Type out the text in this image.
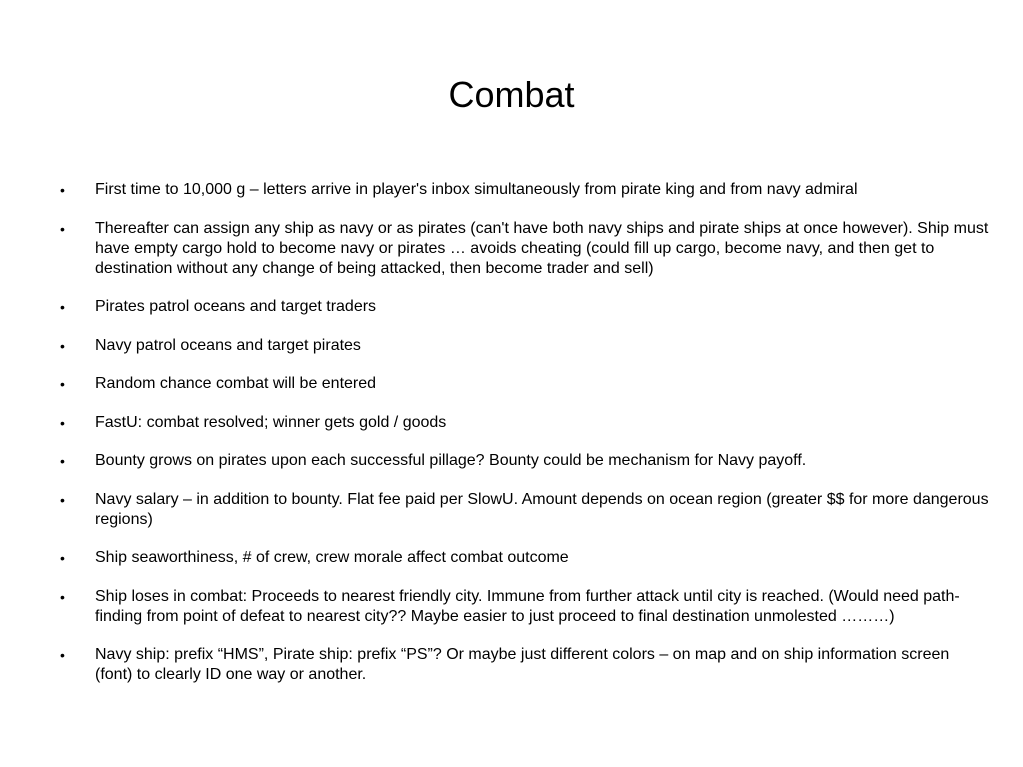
Combat
•	First time to 10,000 g – letters arrive in player's inbox simultaneously from pirate king and from navy admiral
•	Thereafter can assign any ship as navy or as pirates (can't have both navy ships and pirate ships at once however). Ship must have empty cargo hold to become navy or pirates … avoids cheating (could fill up cargo, become navy, and then get to destination without any change of being attacked, then become trader and sell)
•	Pirates patrol oceans and target traders
•	Navy patrol oceans and target pirates
•	Random chance combat will be entered
•	FastU: combat resolved; winner gets gold / goods
•	Bounty grows on pirates upon each successful pillage? Bounty could be mechanism for Navy payoff.
•	Navy salary – in addition to bounty. Flat fee paid per SlowU. Amount depends on ocean region (greater $$ for more dangerous regions)
•	Ship seaworthiness, # of crew, crew morale affect combat outcome
•	Ship loses in combat: Proceeds to nearest friendly city. Immune from further attack until city is reached. (Would need path-finding from point of defeat to nearest city?? Maybe easier to just proceed to final destination unmolested ………)
•	Navy ship: prefix “HMS”, Pirate ship: prefix “PS”? Or maybe just different colors – on map and on ship information screen (font) to clearly ID one way or another.
